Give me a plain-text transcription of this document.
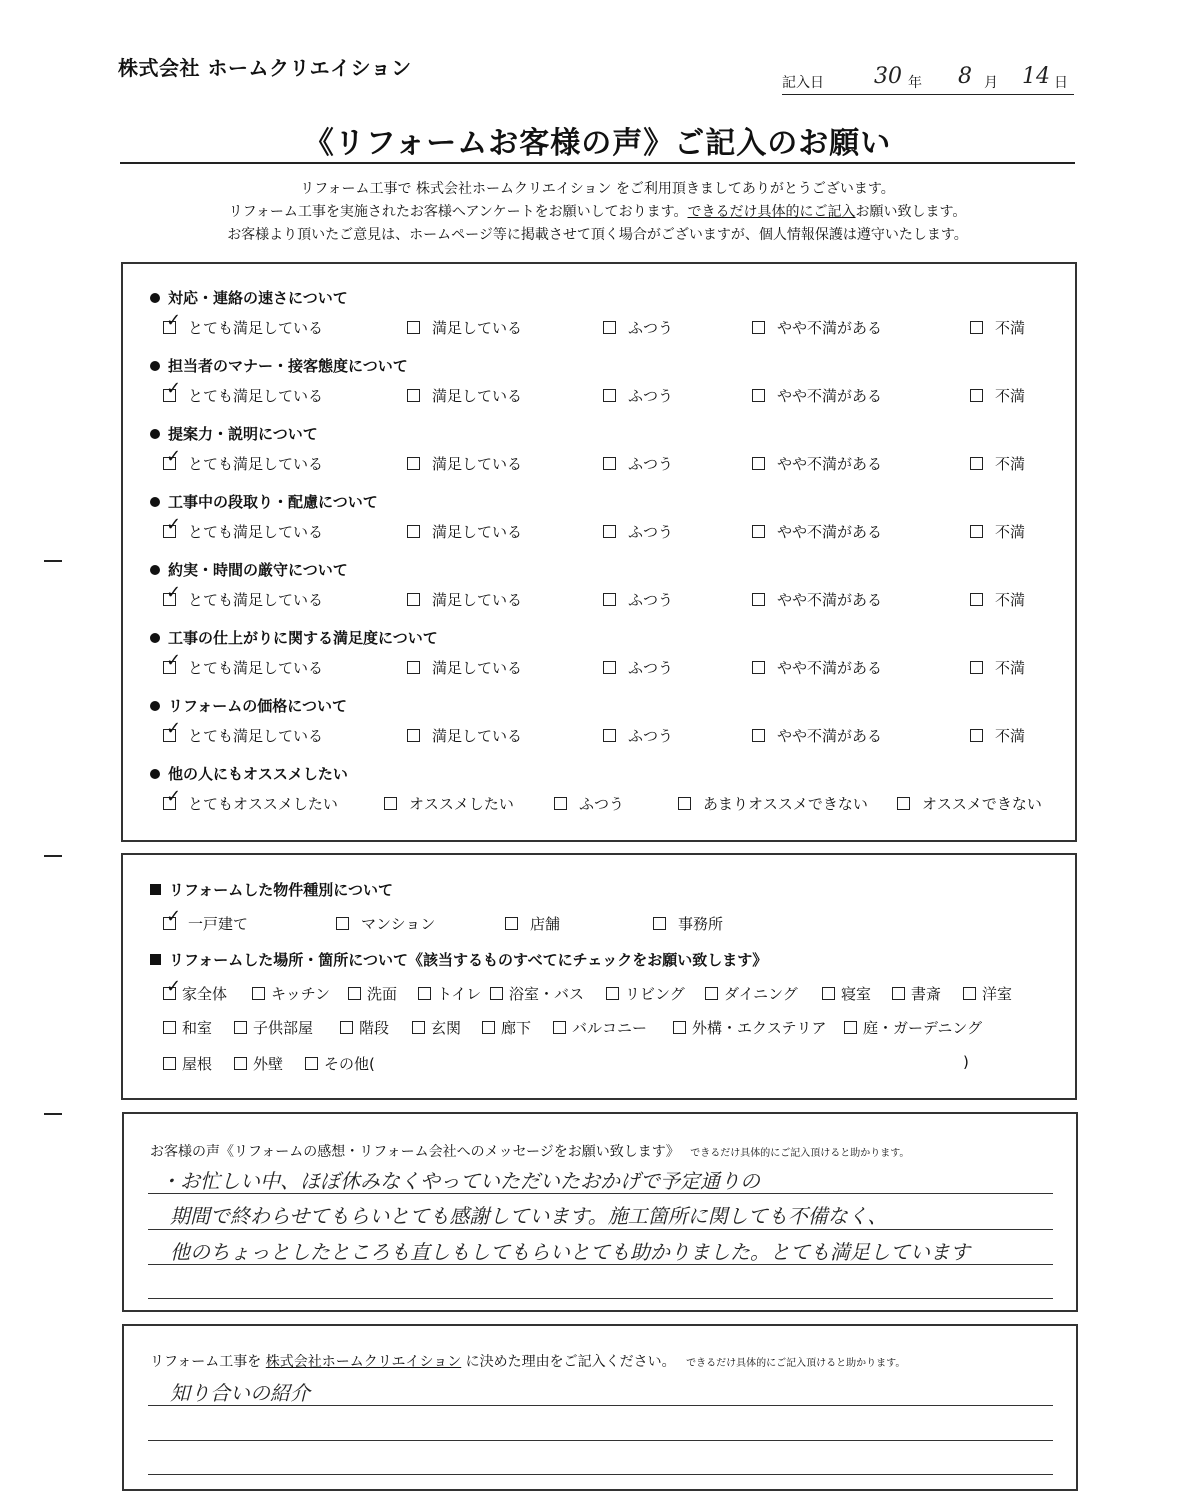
株式会社 ホームクリエイション
記入日 30 年 8 月 14 日
《リフォームお客様の声》ご記入のお願い
リフォーム工事で 株式会社ホームクリエイション をご利用頂きましてありがとうございます。
リフォーム工事を実施されたお客様へアンケートをお願いしております。できるだけ具体的にご記入お願い致します。
お客様より頂いたご意見は、ホームページ等に掲載させて頂く場合がございますが、個人情報保護は遵守いたします。
対応・連絡の速さについて
✓
とても満足している	満足している	ふつう	やや不満がある	不満
担当者のマナー・接客態度について
✓
とても満足している	満足している	ふつう	やや不満がある	不満
提案力・説明について
✓
とても満足している	満足している	ふつう	やや不満がある	不満
工事中の段取り・配慮について
✓
とても満足している	満足している	ふつう	やや不満がある	不満
約実・時間の厳守について
✓
とても満足している	満足している	ふつう	やや不満がある	不満
工事の仕上がりに関する満足度について
✓
とても満足している	満足している	ふつう	やや不満がある	不満
リフォームの価格について
✓
とても満足している	満足している	ふつう	やや不満がある	不満
他の人にもオススメしたい
✓
とてもオススメしたい	オススメしたい	ふつう	あまりオススメできない	オススメできない
リフォームした物件種別について
✓
一戸建て	マンション	店舗	事務所
リフォームした場所・箇所について《該当するものすべてにチェックをお願い致します》
✓
家全体	キッチン 洗面	トイレ 浴室・バス	リビング	ダイニング	寝室	書斎	洋室
和室	子供部屋	階段	玄関	廊下	バルコニー	外構・エクステリア 庭・ガーデニング
屋根	外壁	その他(	)
お客様の声《リフォームの感想・リフォーム会社へのメッセージをお願い致します》 できるだけ具体的にご記入頂けると助かります。
・お忙しい中、ほぼ休みなくやっていただいたおかげで予定通りの
期間で終わらせてもらいとても感謝しています。施工箇所に関しても不備なく、
他のちょっとしたところも直しもしてもらいとても助かりました。とても満足しています
リフォーム工事を 株式会社ホームクリエイション に決めた理由をご記入ください。 できるだけ具体的にご記入頂けると助かります。
知り合いの紹介
